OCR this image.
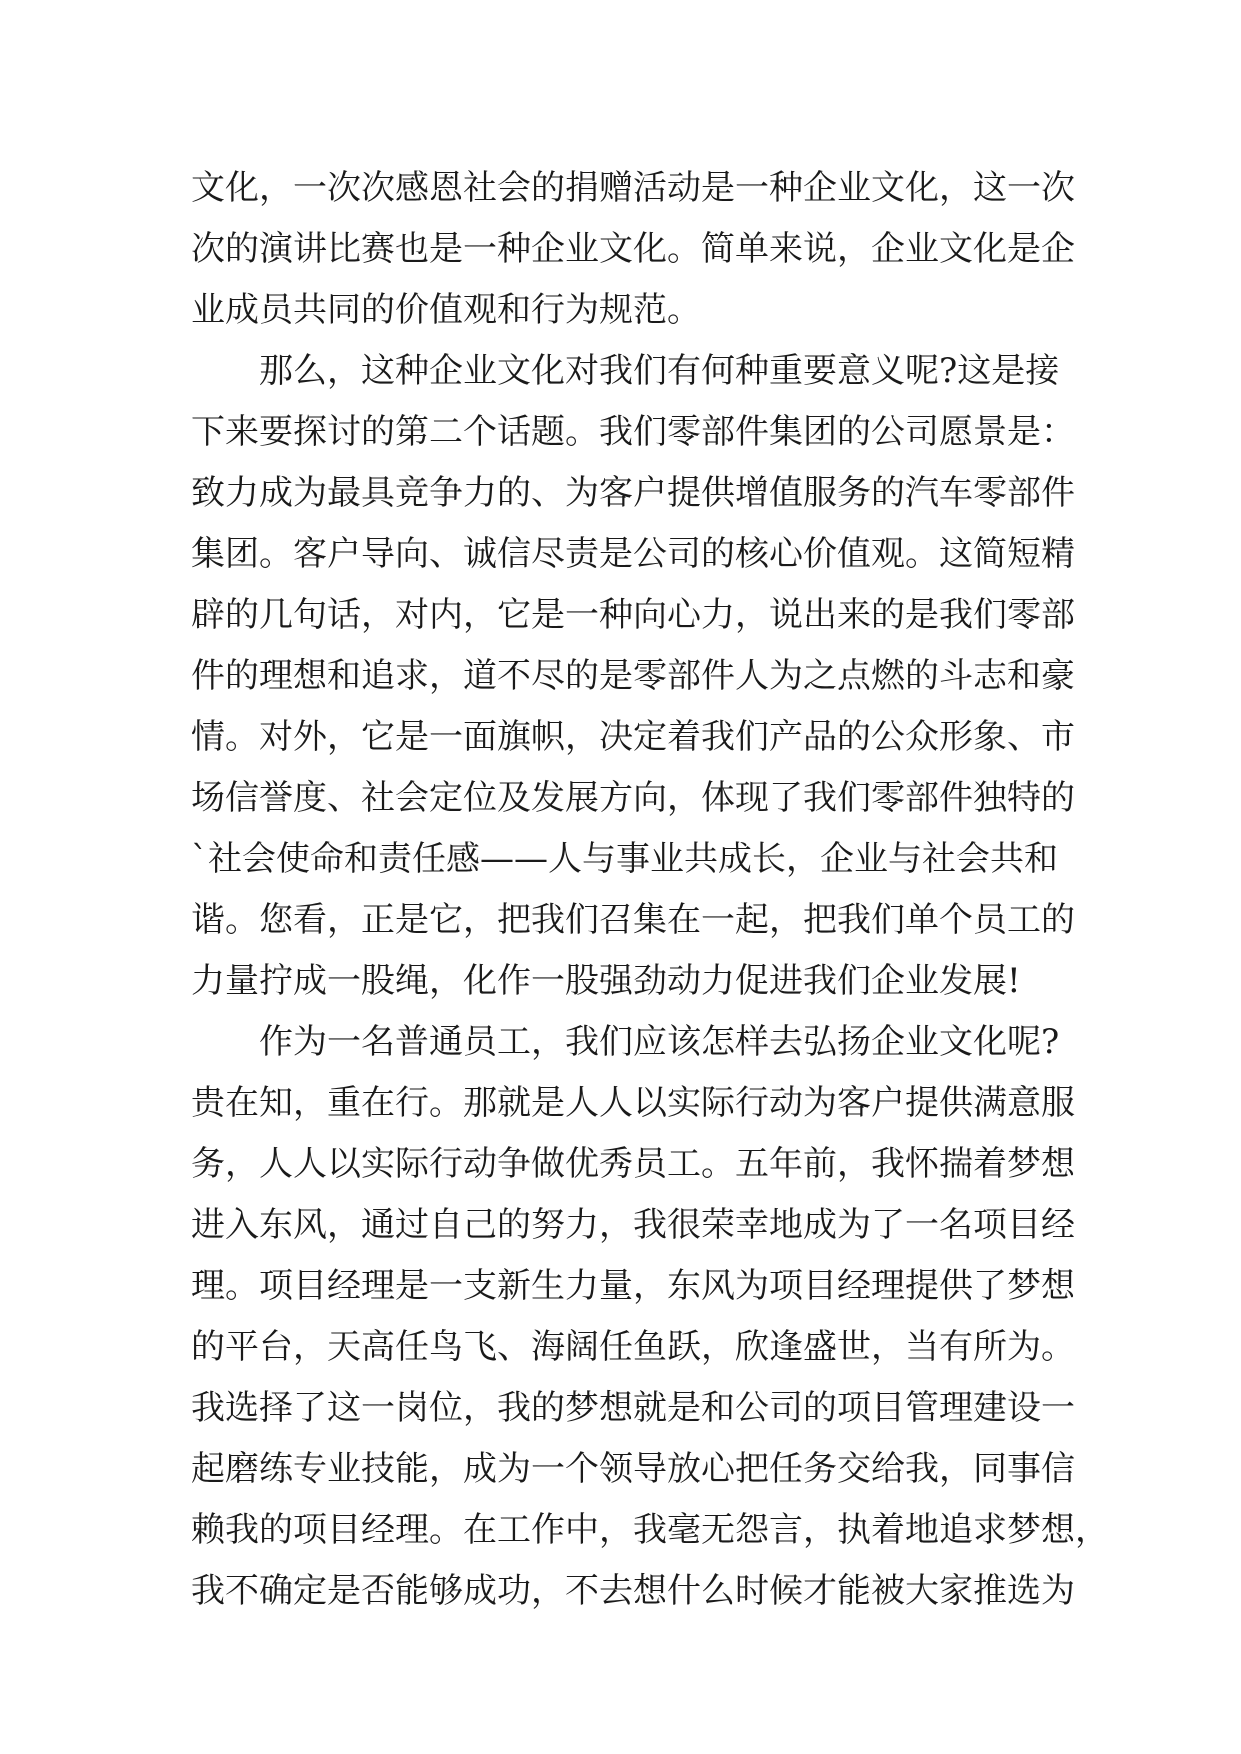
文化，一次次感恩社会的捐赠活动是一种企业文化，这一次
次的演讲比赛也是一种企业文化。简单来说，企业文化是企
业成员共同的价值观和行为规范。
那么，这种企业文化对我们有何种重要意义呢?这是接
下来要探讨的第二个话题。我们零部件集团的公司愿景是：
致力成为最具竞争力的、为客户提供增值服务的汽车零部件
集团。客户导向、诚信尽责是公司的核心价值观。这简短精
辟的几句话，对内，它是一种向心力，说出来的是我们零部
件的理想和追求，道不尽的是零部件人为之点燃的斗志和豪
情。对外，它是一面旗帜，决定着我们产品的公众形象、市
场信誉度、社会定位及发展方向，体现了我们零部件独特的
`社会使命和责任感——人与事业共成长，企业与社会共和
谐。您看，正是它，把我们召集在一起，把我们单个员工的
力量拧成一股绳，化作一股强劲动力促进我们企业发展!
作为一名普通员工，我们应该怎样去弘扬企业文化呢?
贵在知，重在行。那就是人人以实际行动为客户提供满意服
务，人人以实际行动争做优秀员工。五年前，我怀揣着梦想
进入东风，通过自己的努力，我很荣幸地成为了一名项目经
理。项目经理是一支新生力量，东风为项目经理提供了梦想
的平台，天高任鸟飞、海阔任鱼跃，欣逢盛世，当有所为。
我选择了这一岗位，我的梦想就是和公司的项目管理建设一
起磨练专业技能，成为一个领导放心把任务交给我，同事信
赖我的项目经理。在工作中，我毫无怨言，执着地追求梦想，
我不确定是否能够成功，不去想什么时候才能被大家推选为
